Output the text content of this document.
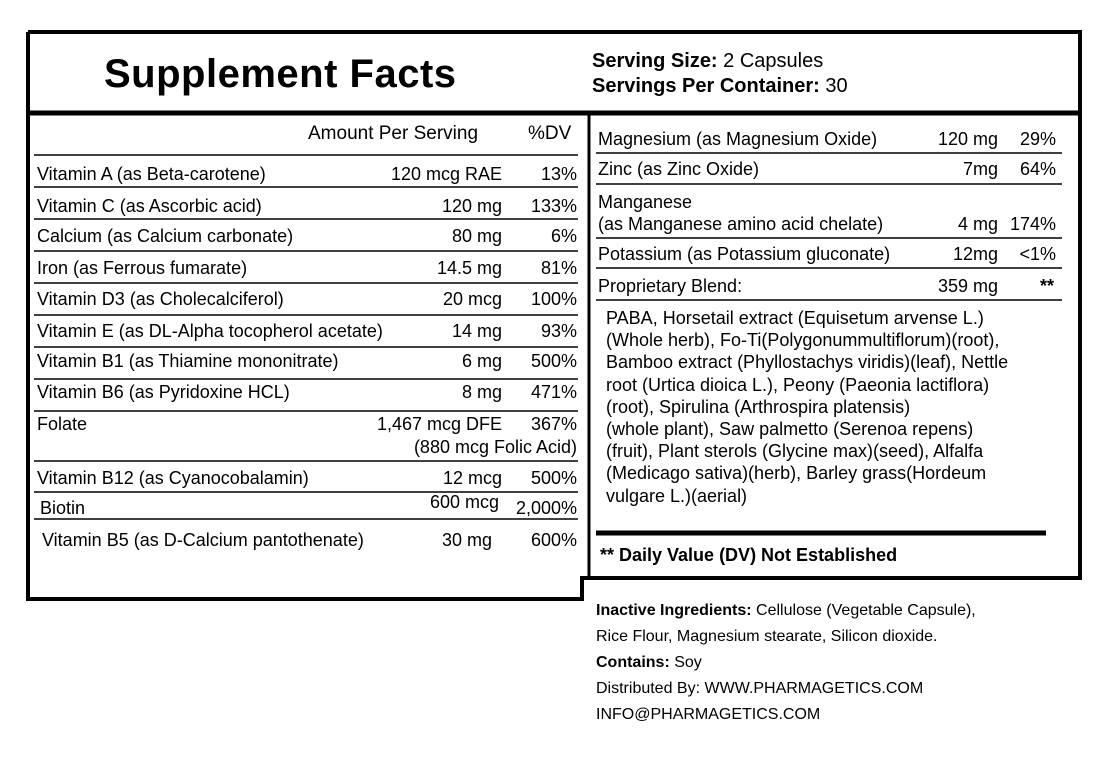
Supplement Facts	Serving Size: 2 Capsules
Servings Per Container: 30
Amount Per Serving	%DV
Vitamin A (as Beta-carotene)	120 mcg RAE 13%
Vitamin C (as Ascorbic acid)	120 mg 133%
Calcium (as Calcium carbonate)	80 mg	6%
Iron (as Ferrous fumarate)	14.5 mg 81%
Vitamin D3 (as Cholecalciferol)	20 mcg 100%
Vitamin E (as DL-Alpha tocopherol acetate)	14 mg 93%
Vitamin B1 (as Thiamine mononitrate)	6 mg 500%
Vitamin B6 (as Pyridoxine HCL)	8 mg 471%
Folate	1,467 mcg DFE 367%
(880 mcg Folic Acid)
Vitamin B12 (as Cyanocobalamin)	12 mcg 500%
Biotin	600 mcg 2,000%
Vitamin B5 (as D-Calcium pantothenate)	30 mg 600%
Magnesium (as Magnesium Oxide)	120 mg 29%
Zinc (as Zinc Oxide)	7mg 64%
Manganese
(as Manganese amino acid chelate)	4 mg 174%
Potassium (as Potassium gluconate)	12mg <1%
Proprietary Blend:	359 mg **
PABA, Horsetail extract (Equisetum arvense L.)
(Whole herb), Fo-Ti(Polygonummultiflorum)(root),
Bamboo extract (Phyllostachys viridis)(leaf), Nettle
root (Urtica dioica L.), Peony (Paeonia lactiflora)
(root), Spirulina (Arthrospira platensis)
(whole plant), Saw palmetto (Serenoa repens)
(fruit), Plant sterols (Glycine max)(seed), Alfalfa
(Medicago sativa)(herb), Barley grass(Hordeum
vulgare L.)(aerial)
** Daily Value (DV) Not Established
Inactive Ingredients: Cellulose (Vegetable Capsule),
Rice Flour, Magnesium stearate, Silicon dioxide.
Contains: Soy
Distributed By: WWW.PHARMAGETICS.COM
INFO@PHARMAGETICS.COM
